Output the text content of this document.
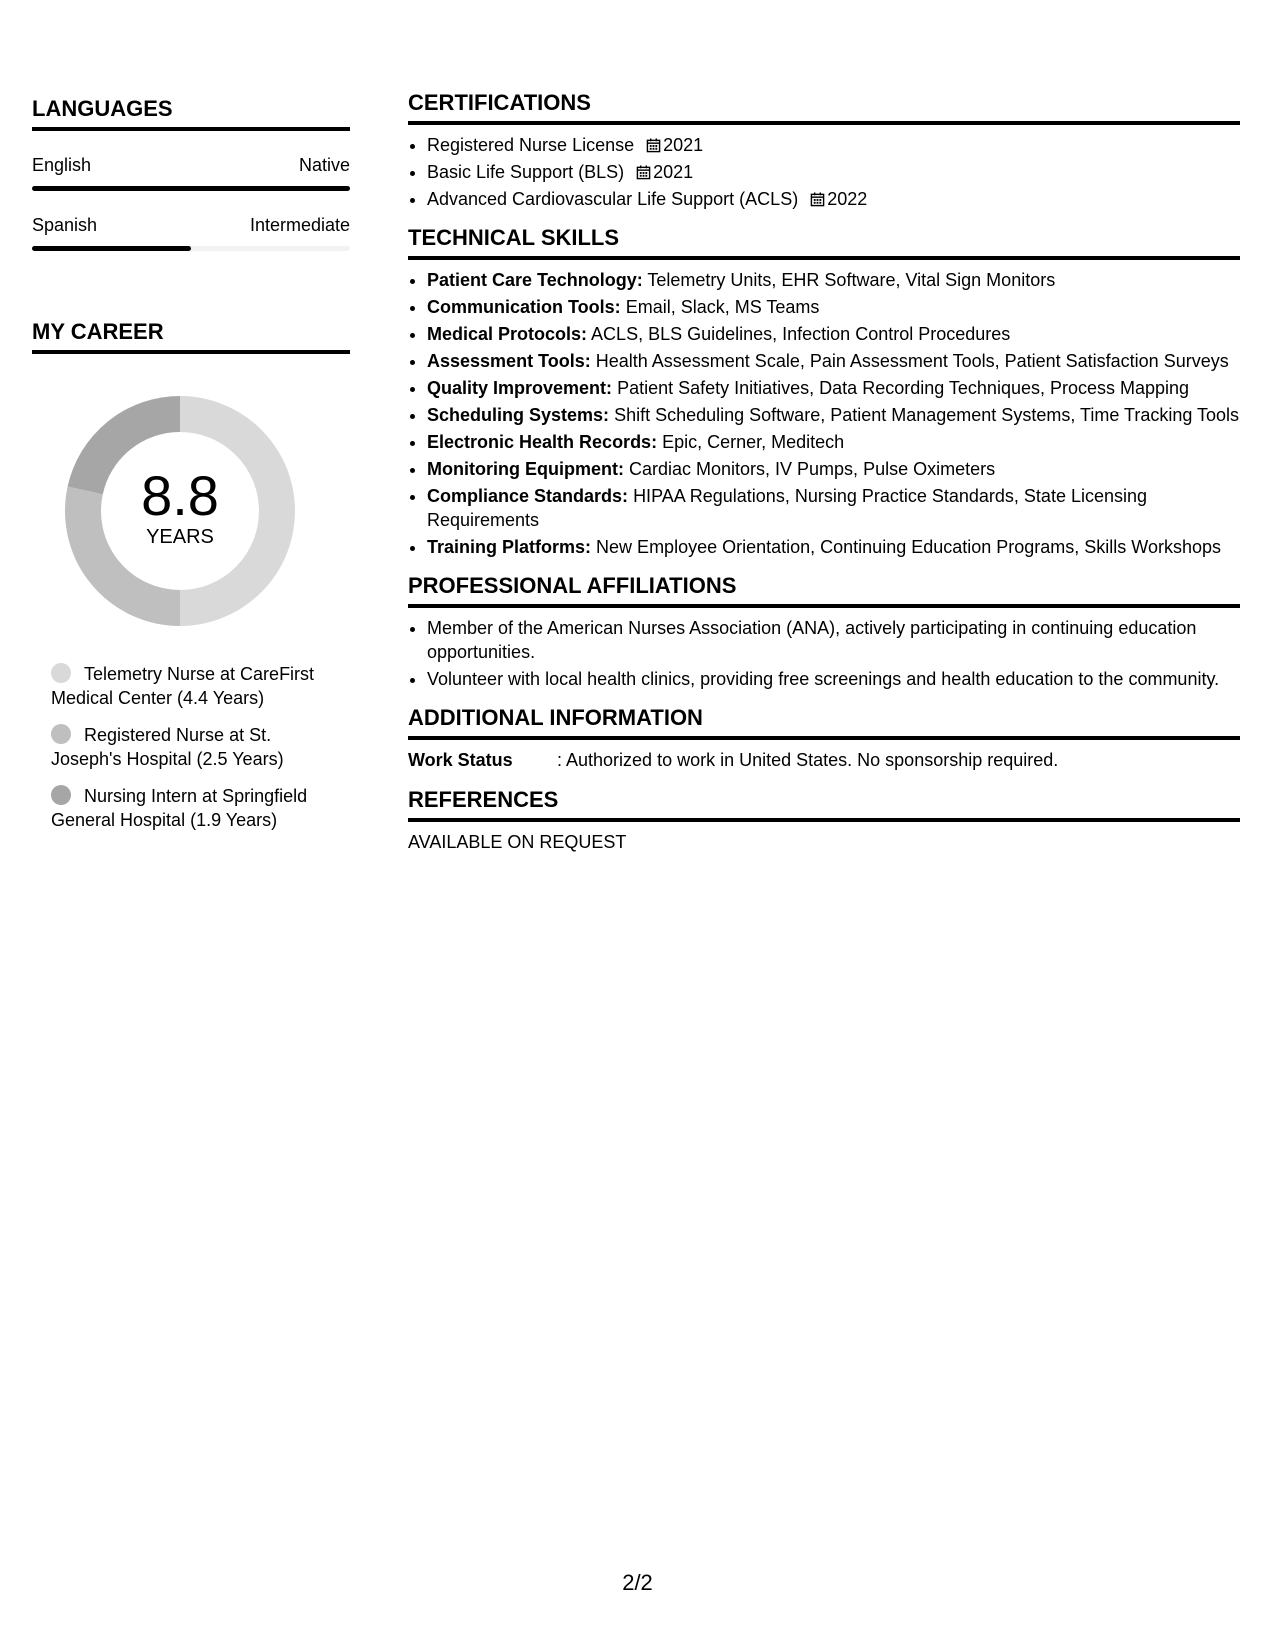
LANGUAGES
English	Native
Spanish	Intermediate
MY CAREER
8.8
YEARS
Telemetry Nurse at CareFirst Medical Center (4.4 Years)
Registered Nurse at St. Joseph's Hospital (2.5 Years)
Nursing Intern at Springfield General Hospital (1.9 Years)
CERTIFICATIONS
• Registered Nurse License 2021
• Basic Life Support (BLS) 2021
• Advanced Cardiovascular Life Support (ACLS) 2022
TECHNICAL SKILLS
• Patient Care Technology: Telemetry Units, EHR Software, Vital Sign Monitors
• Communication Tools: Email, Slack, MS Teams
• Medical Protocols: ACLS, BLS Guidelines, Infection Control Procedures
• Assessment Tools: Health Assessment Scale, Pain Assessment Tools, Patient Satisfaction Surveys
• Quality Improvement: Patient Safety Initiatives, Data Recording Techniques, Process Mapping
• Scheduling Systems: Shift Scheduling Software, Patient Management Systems, Time Tracking Tools
• Electronic Health Records: Epic, Cerner, Meditech
• Monitoring Equipment: Cardiac Monitors, IV Pumps, Pulse Oximeters
• Compliance Standards: HIPAA Regulations, Nursing Practice Standards, State Licensing Requirements
• Training Platforms: New Employee Orientation, Continuing Education Programs, Skills Workshops
PROFESSIONAL AFFILIATIONS
• Member of the American Nurses Association (ANA), actively participating in continuing education opportunities.
• Volunteer with local health clinics, providing free screenings and health education to the community.
ADDITIONAL INFORMATION
Work Status	: Authorized to work in United States. No sponsorship required.
REFERENCES
AVAILABLE ON REQUEST
2/2
